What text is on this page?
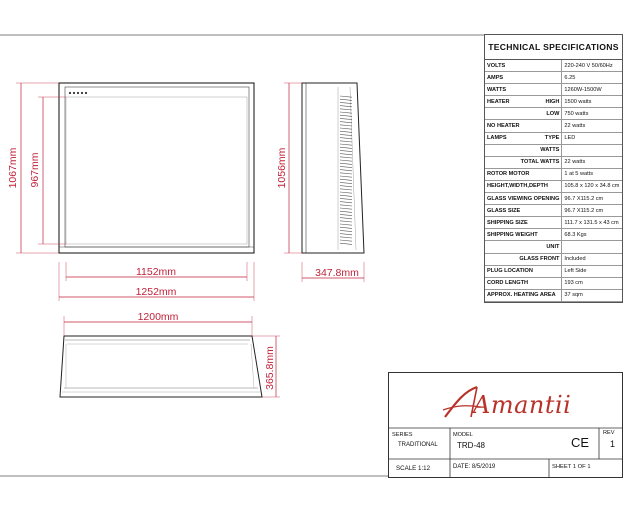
1067mm 967mm
1152mm
1252mm
1056mm
347.8mm
1200mm
365.8mm
TECHNICAL SPECIFICATIONS
VOLTS	220-240 V 50/60Hz

AMPS	6.25

WATTS	1260W-1500W

HEATER HIGH	1500 watts

LOW	750 watts

NO HEATER	22 watts

LAMPS TYPE	LED

WATTS	

TOTAL WATTS	22 watts

ROTOR MOTOR	1 at 5 watts

HEIGHT,WIDTH,DEPTH	105.8 x 120 x 34.8 cm

GLASS VIEWING OPENING	96.7 X115.2 cm

GLASS SIZE	96.7 X115.2 cm

SHIPPING SIZE	111.7 x 131.5 x 43 cm

SHIPPING WEIGHT	68.3 Kgs

UNIT	

GLASS FRONT	Included

PLUG LOCATION	Left Side

CORD LENGTH	193 cm

APPROX. HEATING AREA	37 sqm
Amantii
SERIES
TRADITIONAL
MODEL
TRD-48	CE
REV
1
SCALE 1:12	DATE: 8/5/2019	SHEET 1 OF 1
